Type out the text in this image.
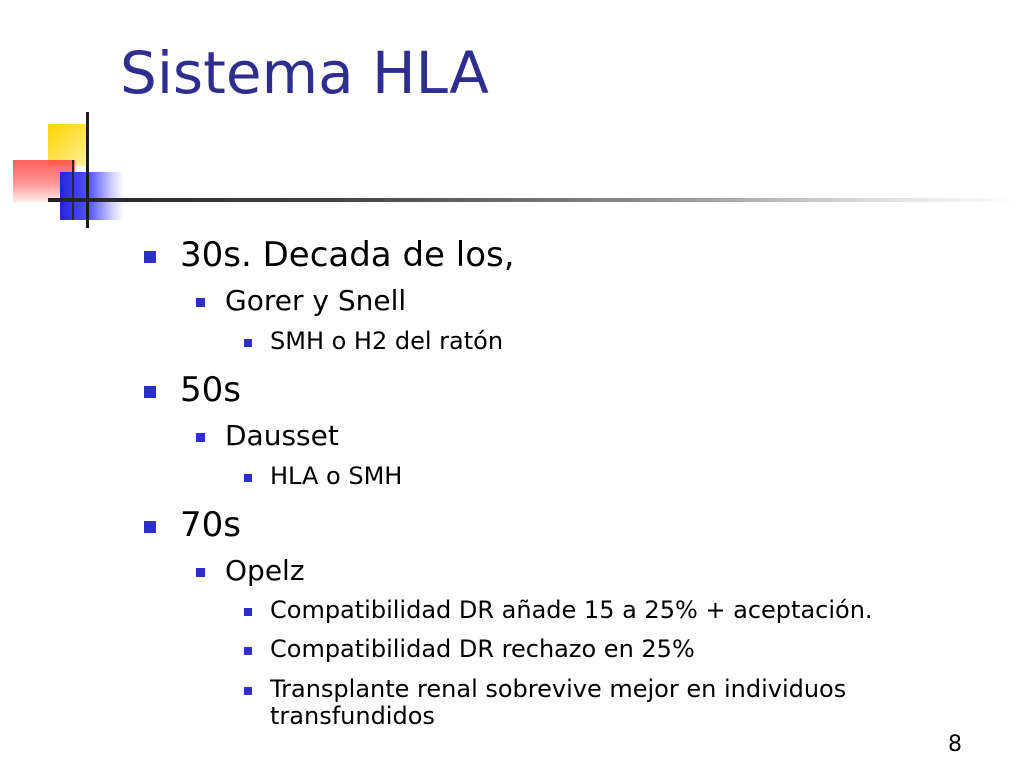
Sistema HLA
30s. Decada de los,
Gorer y Snell
SMH o H2 del ratón
50s
Dausset
HLA o SMH
70s
Opelz
Compatibilidad DR añade 15 a 25% + aceptación.
Compatibilidad DR rechazo en 25%
Transplante renal sobrevive mejor en individuos transfundidos
8
